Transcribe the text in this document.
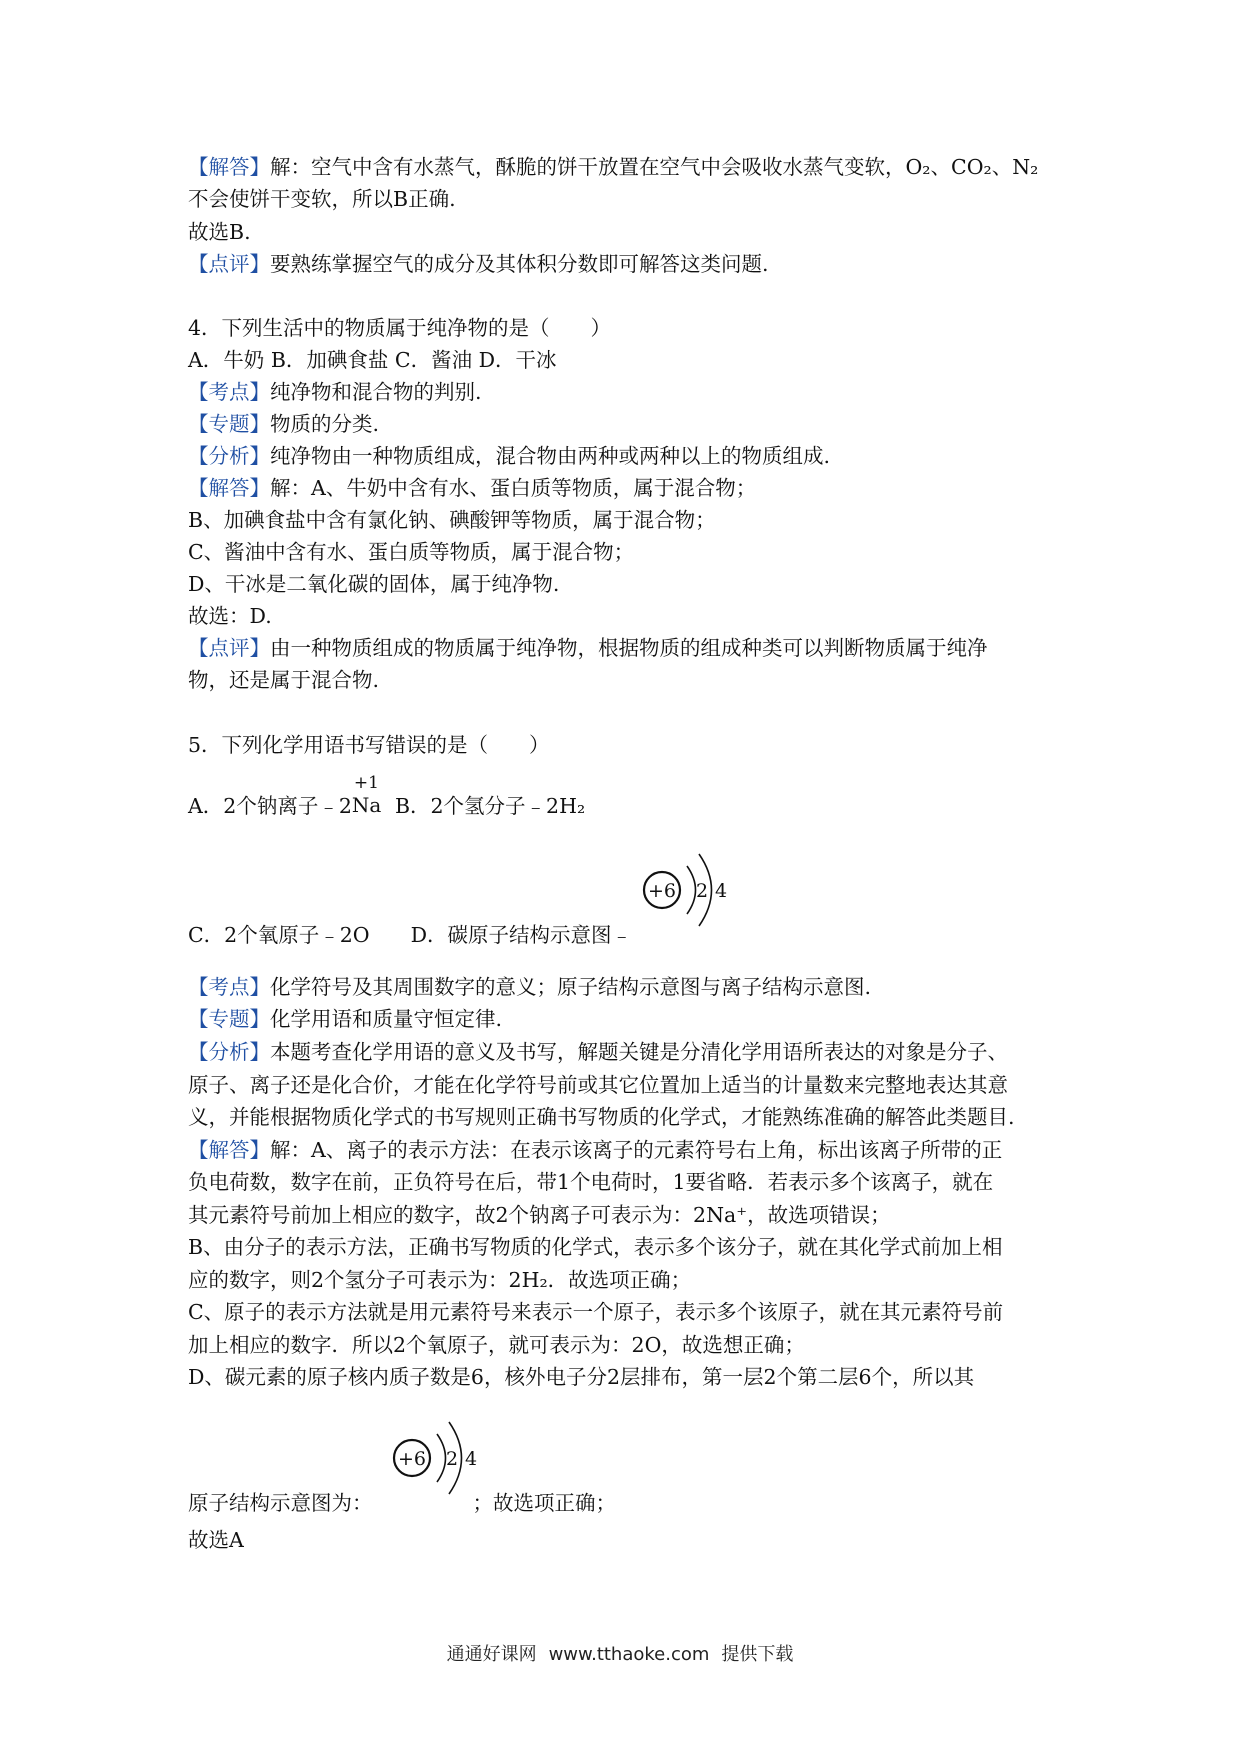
【解答】解：空气中含有水蒸气，酥脆的饼干放置在空气中会吸收水蒸气变软，O₂、CO₂、N₂
不会使饼干变软，所以B正确.
故选B.
【点评】要熟练掌握空气的成分及其体积分数即可解答这类问题.
4．下列生活中的物质属于纯净物的是（　　）
A．牛奶 B．加碘食盐 C．酱油 D．干冰
【考点】纯净物和混合物的判别.
【专题】物质的分类.
【分析】纯净物由一种物质组成，混合物由两种或两种以上的物质组成.
【解答】解：A、牛奶中含有水、蛋白质等物质，属于混合物；
B、加碘食盐中含有氯化钠、碘酸钾等物质，属于混合物；
C、酱油中含有水、蛋白质等物质，属于混合物；
D、干冰是二氧化碳的固体，属于纯净物.
故选：D.
【点评】由一种物质组成的物质属于纯净物，根据物质的组成种类可以判断物质属于纯净
物，还是属于混合物.
5．下列化学用语书写错误的是（　　）
A．2个钠离子﹣2
+1
Na B．2个氢分子﹣2H₂
+6 2 4
C．2个氧原子﹣2O　　D．碳原子结构示意图﹣
【考点】化学符号及其周围数字的意义；原子结构示意图与离子结构示意图.
【专题】化学用语和质量守恒定律.
【分析】本题考查化学用语的意义及书写，解题关键是分清化学用语所表达的对象是分子、
原子、离子还是化合价，才能在化学符号前或其它位置加上适当的计量数来完整地表达其意
义，并能根据物质化学式的书写规则正确书写物质的化学式，才能熟练准确的解答此类题目.
【解答】解：A、离子的表示方法：在表示该离子的元素符号右上角，标出该离子所带的正
负电荷数，数字在前，正负符号在后，带1个电荷时，1要省略．若表示多个该离子，就在
其元素符号前加上相应的数字，故2个钠离子可表示为：2Na⁺，故选项错误；
B、由分子的表示方法，正确书写物质的化学式，表示多个该分子，就在其化学式前加上相
应的数字，则2个氢分子可表示为：2H₂．故选项正确；
C、原子的表示方法就是用元素符号来表示一个原子，表示多个该原子，就在其元素符号前
加上相应的数字．所以2个氧原子，就可表示为：2O，故选想正确；
D、碳元素的原子核内质子数是6，核外电子分2层排布，第一层2个第二层6个，所以其
+6 2 4
原子结构示意图为：	；故选项正确；
故选A
通通好课网 www.tthaoke.com 提供下载
